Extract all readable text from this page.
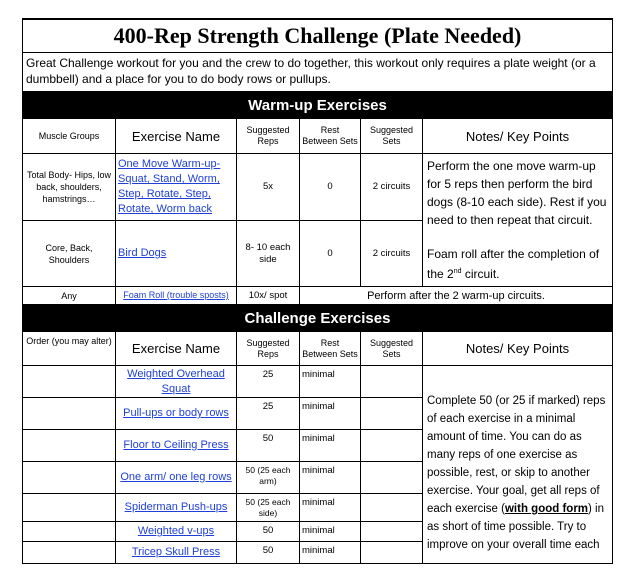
400-Rep Strength Challenge (Plate Needed)					
Great Challenge workout for you and the crew to do together, this workout only requires a plate weight (or a dumbbell) and a place for you to do body rows or pullups.					
Warm-up Exercises					
Muscle Groups	Exercise Name	Suggested Reps	Rest Between Sets	Suggested Sets	Notes/ Key Points
Total Body- Hips, low back, shoulders, hamstrings…	One Move Warm-up- Squat, Stand, Worm, Step, Rotate, Step, Rotate, Worm back	5x	0	2 circuits	Perform the one move warm-up for 5 reps then perform the bird dogs (8-10 each side). Rest if you need to then repeat that circuit.
Foam roll after the completion of the 2nd circuit.

Core, Back, Shoulders	Bird Dogs	8- 10 each side	0	2 circuits	
Any	Foam Roll (trouble sposts)	10x/ spot	Perform after the 2 warm-up circuits.		
Challenge Exercises					
Order (you may alter)	Exercise Name	Suggested Reps	Rest Between Sets	Suggested Sets	Notes/ Key Points
	Weighted Overhead Squat	25	minimal		Complete 50 (or 25 if marked) reps of each exercise in a minimal amount of time. You can do as many reps of one exercise as possible, rest, or skip to another exercise. Your goal, get all reps of each exercise (with good form) in as short of time possible. Try to improve on your overall time each
	Pull-ups or body rows	25	minimal		
	Floor to Ceiling Press	50	minimal		
	One arm/ one leg rows	50 (25 each arm)	minimal		
	Spiderman Push-ups	50 (25 each side)	minimal		
	Weighted v-ups	50	minimal		
	Tricep Skull Press	50	minimal		
